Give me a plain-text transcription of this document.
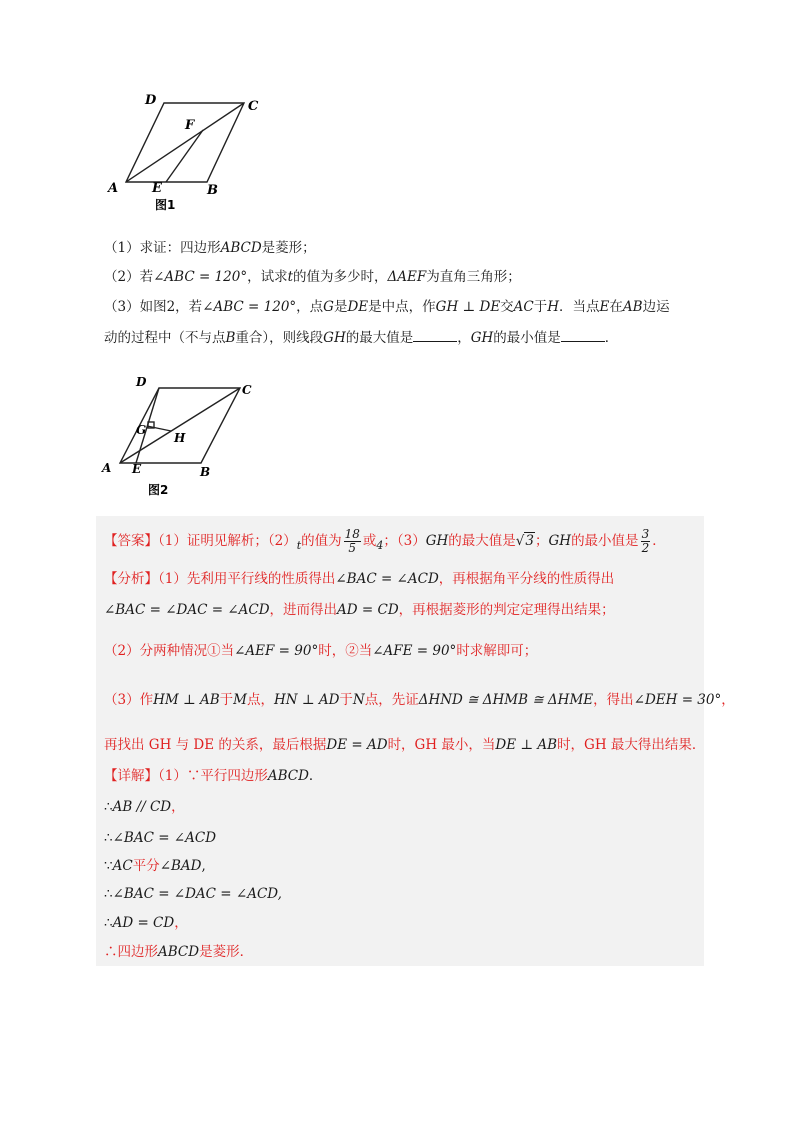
D	C
F
A	E	B
图1
（1）求证：四边形ABCD是菱形；
（2）若∠ABC = 120°，试求t的值为多少时，ΔAEF为直角三角形；
（3）如图2，若∠ABC = 120°，点G是DE是中点，作GH ⊥ DE交AC于H．当点E在AB边运
动的过程中（不与点B重合），则线段GH的最大值是	，GH的最小值是	．
D
C
G
H
A E	B
图2
【答案】（1）证明见解析；$(2)_t$的值为 $\frac{18}{5}$ 或$_4$；（3）GH的最大值是√3；GH的最小值是 $\frac{3}{2}$ ．
【分析】（1）先利用平行线的性质得出∠BAC = ∠ACD，再根据角平分线的性质得出
∠BAC = ∠DAC = ∠ACD，进而得出AD = CD，再根据菱形的判定定理得出结果；
（2）分两种情况①当∠AEF = 90°时，②当∠AFE = 90°时求解即可；
（3）作HM ⊥ AB于M点，HN ⊥ AD于N点，先证ΔHND ≅ ΔHMB ≅ ΔHME，得出∠DEH = 30°，
再找出 GH 与 DE 的关系，最后根据DE = AD时，GH 最小，当DE ⊥ AB时，GH 最大得出结果．
【详解】（1）∵平行四边形ABCD．
∴AB // CD，
∴∠BAC = ∠ACD
∵AC平分∠BAD,
∴∠BAC = ∠DAC = ∠ACD,
∴AD = CD，
∴四边形ABCD是菱形．
